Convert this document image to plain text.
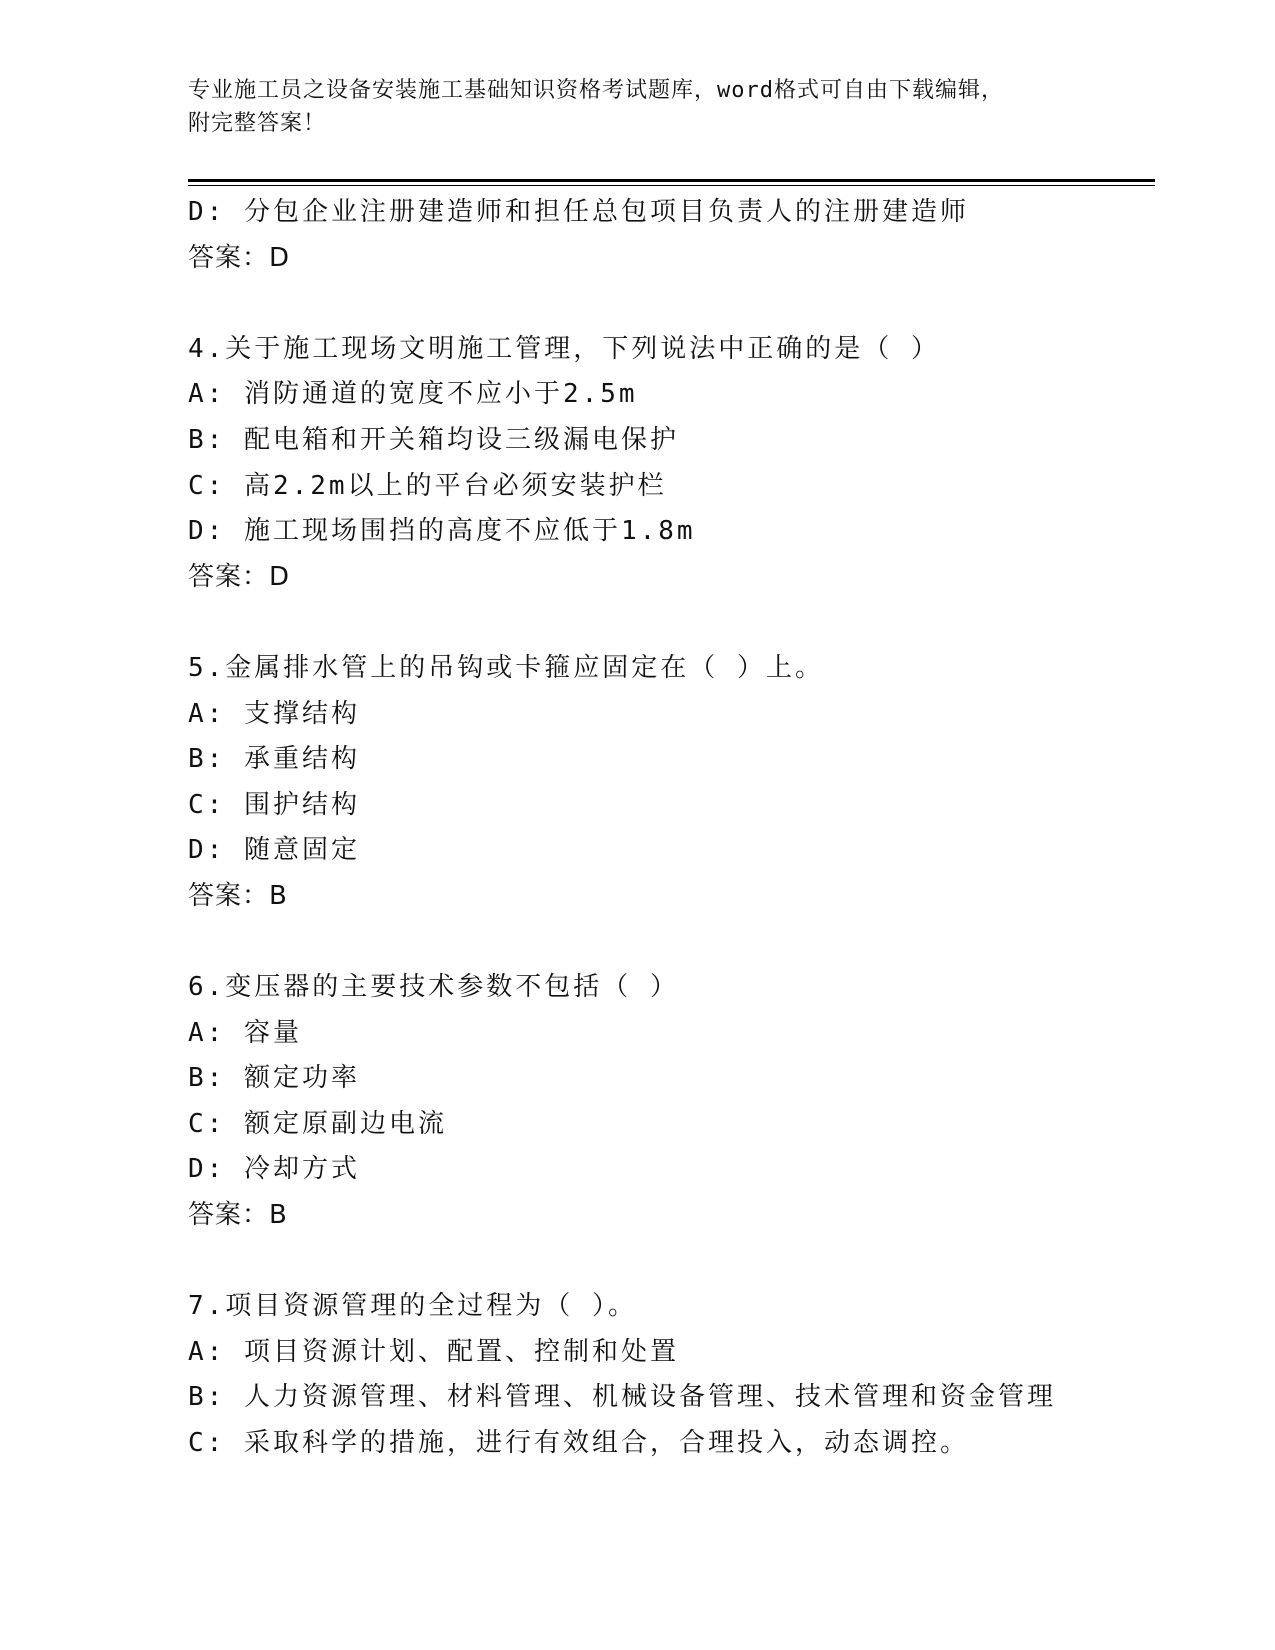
专业施工员之设备安装施工基础知识资格考试题库，word格式可自由下载编辑，
附完整答案！
D: 分包企业注册建造师和担任总包项目负责人的注册建造师
答案：D
4.关于施工现场文明施工管理，下列说法中正确的是（ ）
A: 消防通道的宽度不应小于2.5m
B: 配电箱和开关箱均设三级漏电保护
C: 高2.2m以上的平台必须安装护栏
D: 施工现场围挡的高度不应低于1.8m
答案：D
5.金属排水管上的吊钩或卡箍应固定在（ ）上。
A: 支撑结构
B: 承重结构
C: 围护结构
D: 随意固定
答案：B
6.变压器的主要技术参数不包括（ ）
A: 容量
B: 额定功率
C: 额定原副边电流
D: 冷却方式
答案：B
7.项目资源管理的全过程为（ ）。
A: 项目资源计划、配置、控制和处置
B: 人力资源管理、材料管理、机械设备管理、技术管理和资金管理
C: 采取科学的措施，进行有效组合，合理投入，动态调控。
